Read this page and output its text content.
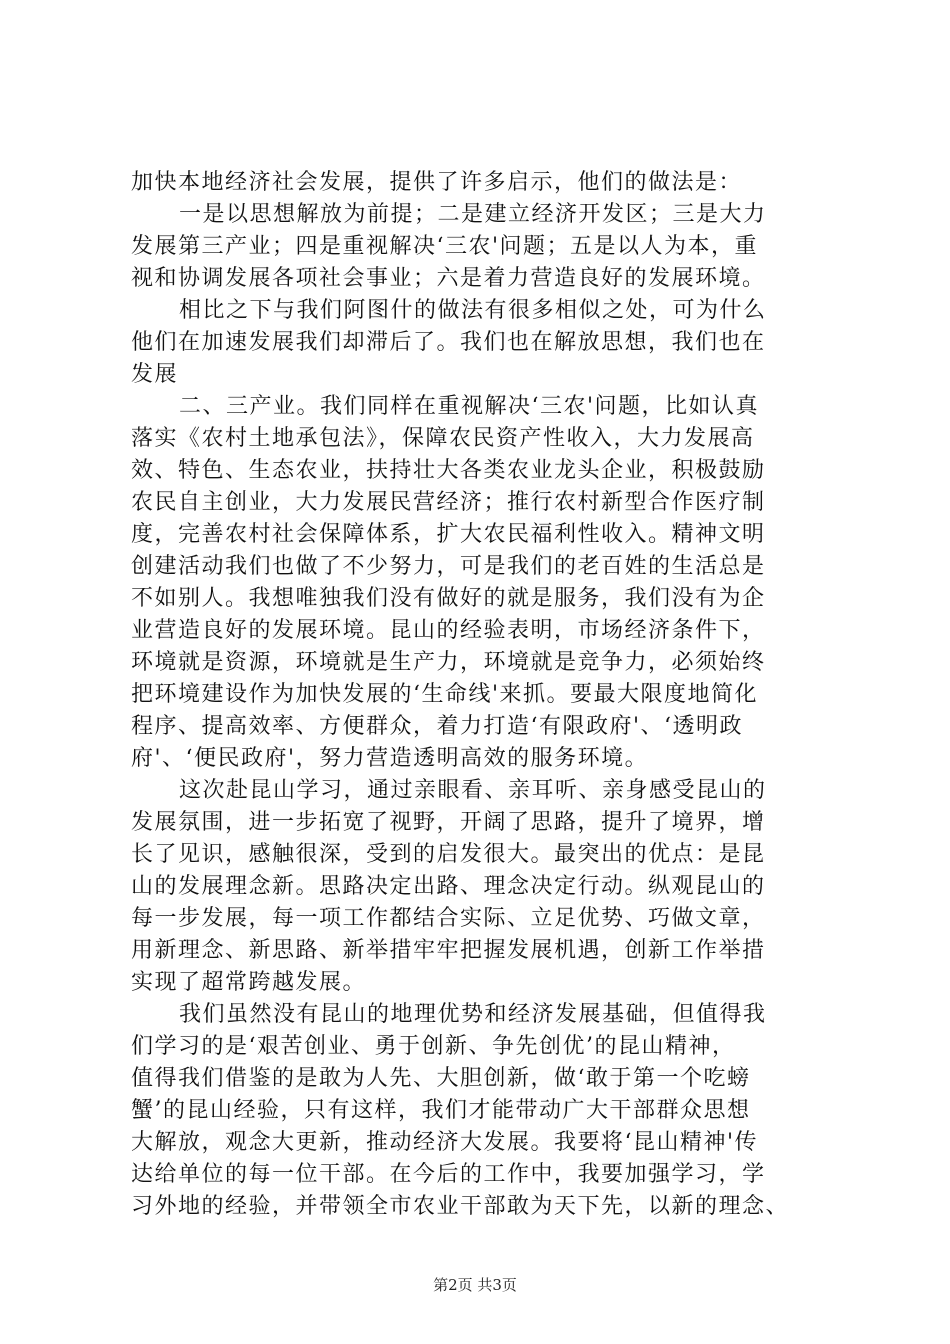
加快本地经济社会发展，提供了许多启示，他们的做法是：
一是以思想解放为前提；二是建立经济开发区；三是大力
发展第三产业；四是重视解决‘三农'问题；五是以人为本，重
视和协调发展各项社会事业；六是着力营造良好的发展环境。
相比之下与我们阿图什的做法有很多相似之处，可为什么
他们在加速发展我们却滞后了。我们也在解放思想，我们也在
发展
二、三产业。我们同样在重视解决‘三农'问题，比如认真
落实《农村土地承包法》，保障农民资产性收入，大力发展高
效、特色、生态农业，扶持壮大各类农业龙头企业，积极鼓励
农民自主创业，大力发展民营经济；推行农村新型合作医疗制
度，完善农村社会保障体系，扩大农民福利性收入。精神文明
创建活动我们也做了不少努力，可是我们的老百姓的生活总是
不如别人。我想唯独我们没有做好的就是服务，我们没有为企
业营造良好的发展环境。昆山的经验表明，市场经济条件下，
环境就是资源，环境就是生产力，环境就是竞争力，必须始终
把环境建设作为加快发展的‘生命线'来抓。要最大限度地简化
程序、提高效率、方便群众，着力打造‘有限政府'、‘透明政
府'、‘便民政府'，努力营造透明高效的服务环境。
这次赴昆山学习，通过亲眼看、亲耳听、亲身感受昆山的
发展氛围，进一步拓宽了视野，开阔了思路，提升了境界，增
长了见识，感触很深，受到的启发很大。最突出的优点：是昆
山的发展理念新。思路决定出路、理念决定行动。纵观昆山的
每一步发展，每一项工作都结合实际、立足优势、巧做文章，
用新理念、新思路、新举措牢牢把握发展机遇，创新工作举措
实现了超常跨越发展。
我们虽然没有昆山的地理优势和经济发展基础，但值得我
们学习的是‘艰苦创业、勇于创新、争先创优’的昆山精神，
值得我们借鉴的是敢为人先、大胆创新，做‘敢于第一个吃螃
蟹’的昆山经验，只有这样，我们才能带动广大干部群众思想
大解放，观念大更新，推动经济大发展。我要将‘昆山精神'传
达给单位的每一位干部。在今后的工作中，我要加强学习，学
习外地的经验，并带领全市农业干部敢为天下先，以新的理念、
第2页 共3页
